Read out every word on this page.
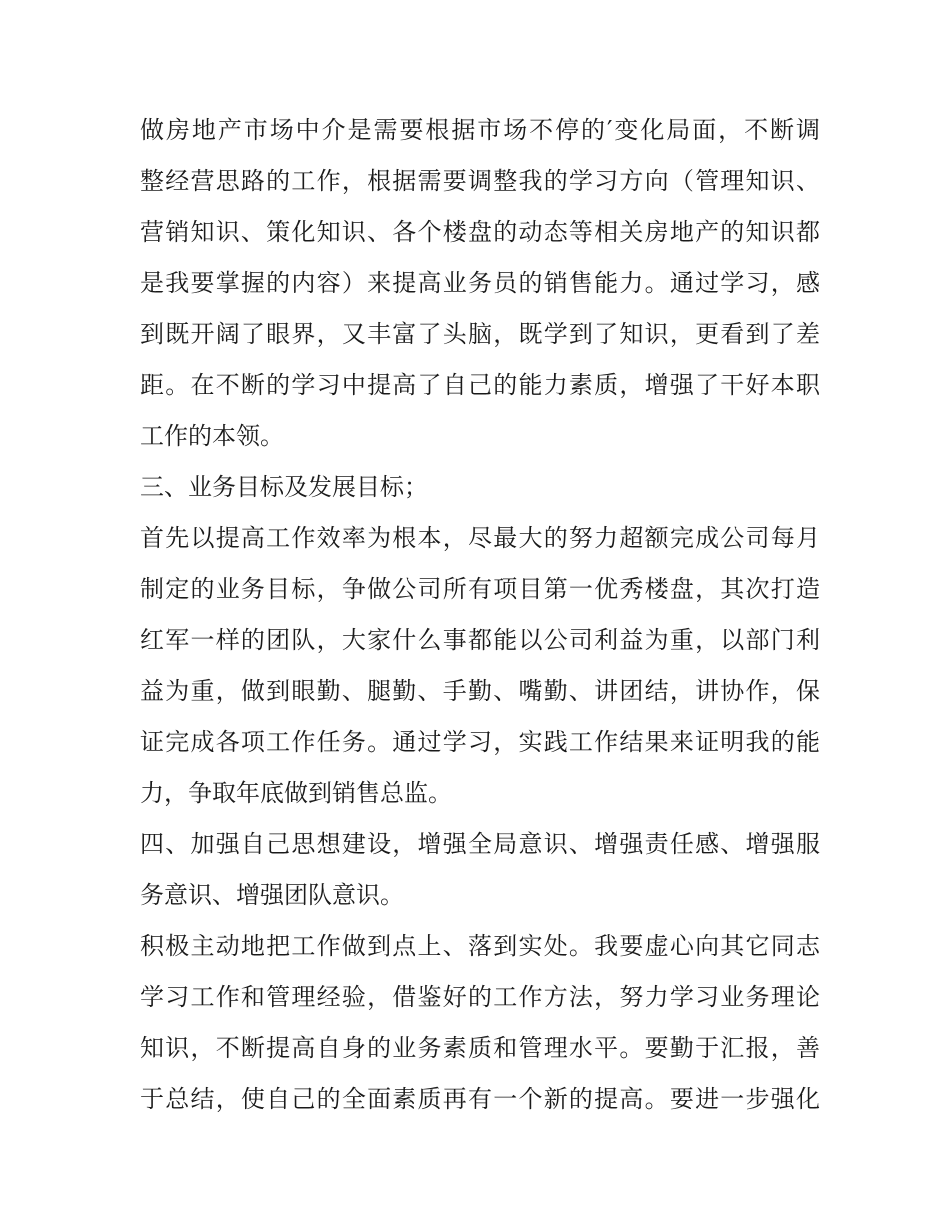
做房地产市场中介是需要根据市场不停的′变化局面，不断调
整经营思路的工作，根据需要调整我的学习方向（管理知识、
营销知识、策化知识、各个楼盘的动态等相关房地产的知识都
是我要掌握的内容）来提高业务员的销售能力。通过学习，感
到既开阔了眼界，又丰富了头脑，既学到了知识，更看到了差
距。在不断的学习中提高了自己的能力素质，增强了干好本职
工作的本领。
三、业务目标及发展目标；
首先以提高工作效率为根本，尽最大的努力超额完成公司每月
制定的业务目标，争做公司所有项目第一优秀楼盘，其次打造
红军一样的团队，大家什么事都能以公司利益为重，以部门利
益为重，做到眼勤、腿勤、手勤、嘴勤、讲团结，讲协作，保
证完成各项工作任务。通过学习，实践工作结果来证明我的能
力，争取年底做到销售总监。
四、加强自己思想建设，增强全局意识、增强责任感、增强服
务意识、增强团队意识。
积极主动地把工作做到点上、落到实处。我要虚心向其它同志
学习工作和管理经验，借鉴好的工作方法，努力学习业务理论
知识，不断提高自身的业务素质和管理水平。要勤于汇报，善
于总结，使自己的全面素质再有一个新的提高。要进一步强化
